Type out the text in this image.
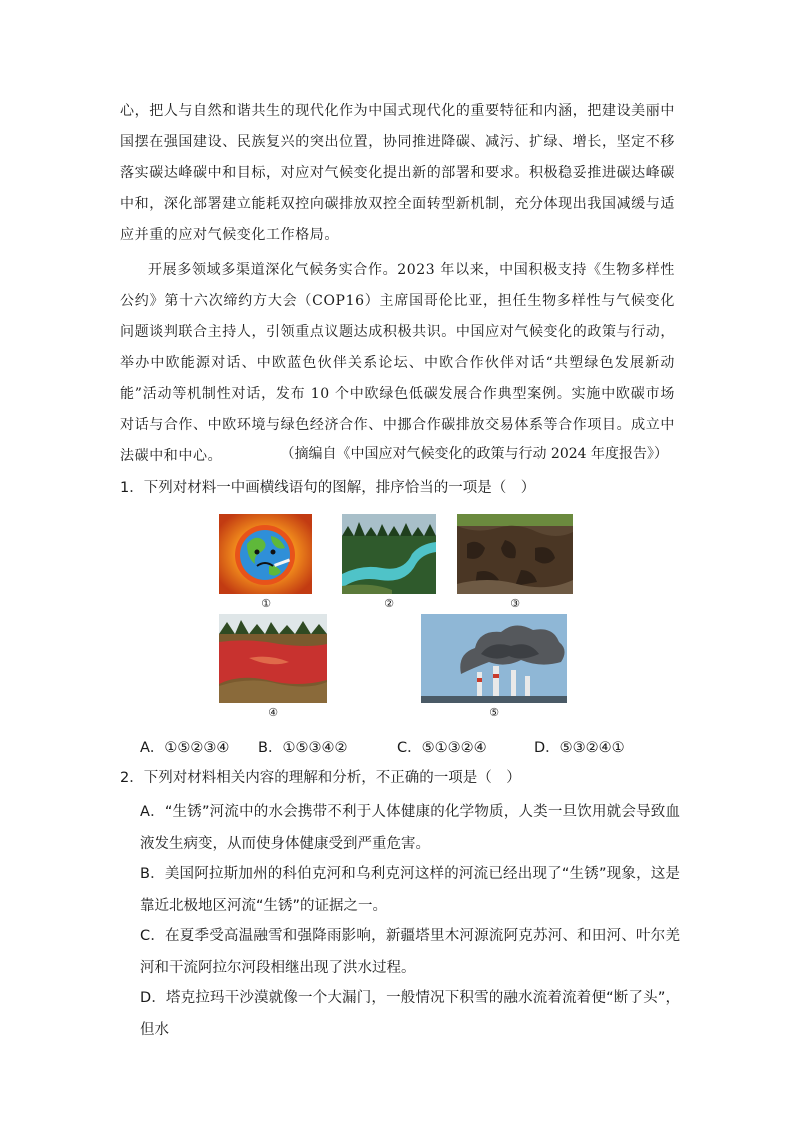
心，把人与自然和谐共生的现代化作为中国式现代化的重要特征和内涵，把建设美丽中国摆在强国建设、民族复兴的突出位置，协同推进降碳、减污、扩绿、增长，坚定不移落实碳达峰碳中和目标，对应对气候变化提出新的部署和要求。积极稳妥推进碳达峰碳中和，深化部署建立能耗双控向碳排放双控全面转型新机制，充分体现出我国减缓与适应并重的应对气候变化工作格局。

开展多领域多渠道深化气候务实合作。2023 年以来，中国积极支持《生物多样性公约》第十六次缔约方大会（COP16）主席国哥伦比亚，担任生物多样性与气候变化问题谈判联合主持人，引领重点议题达成积极共识。中国应对气候变化的政策与行动，举办中欧能源对话、中欧蓝色伙伴关系论坛、中欧合作伙伴对话“共塑绿色发展新动能”活动等机制性对话，发布 10 个中欧绿色低碳发展合作典型案例。实施中欧碳市场对话与合作、中欧环境与绿色经济合作、中挪合作碳排放交易体系等合作项目。成立中法碳中和中心。	（摘编自《中国应对气候变化的政策与行动 2024 年度报告》）

1．下列对材料一中画横线语句的图解，排序恰当的一项是（　）

①	②	③
④	⑤
A．①⑤②③④ B．①⑤③④②	C．⑤①③②④	D．⑤③②④①

2．下列对材料相关内容的理解和分析，不正确的一项是（　）

A．“生锈”河流中的水会携带不利于人体健康的化学物质，人类一旦饮用就会导致血液发生病变，从而使身体健康受到严重危害。

B．美国阿拉斯加州的科伯克河和乌利克河这样的河流已经出现了“生锈”现象，这是靠近北极地区河流“生锈”的证据之一。

C．在夏季受高温融雪和强降雨影响，新疆塔里木河源流阿克苏河、和田河、叶尔羌河和干流阿拉尔河段相继出现了洪水过程。

D．塔克拉玛干沙漠就像一个大漏门，一般情况下积雪的融水流着流着便“断了头”，但水
